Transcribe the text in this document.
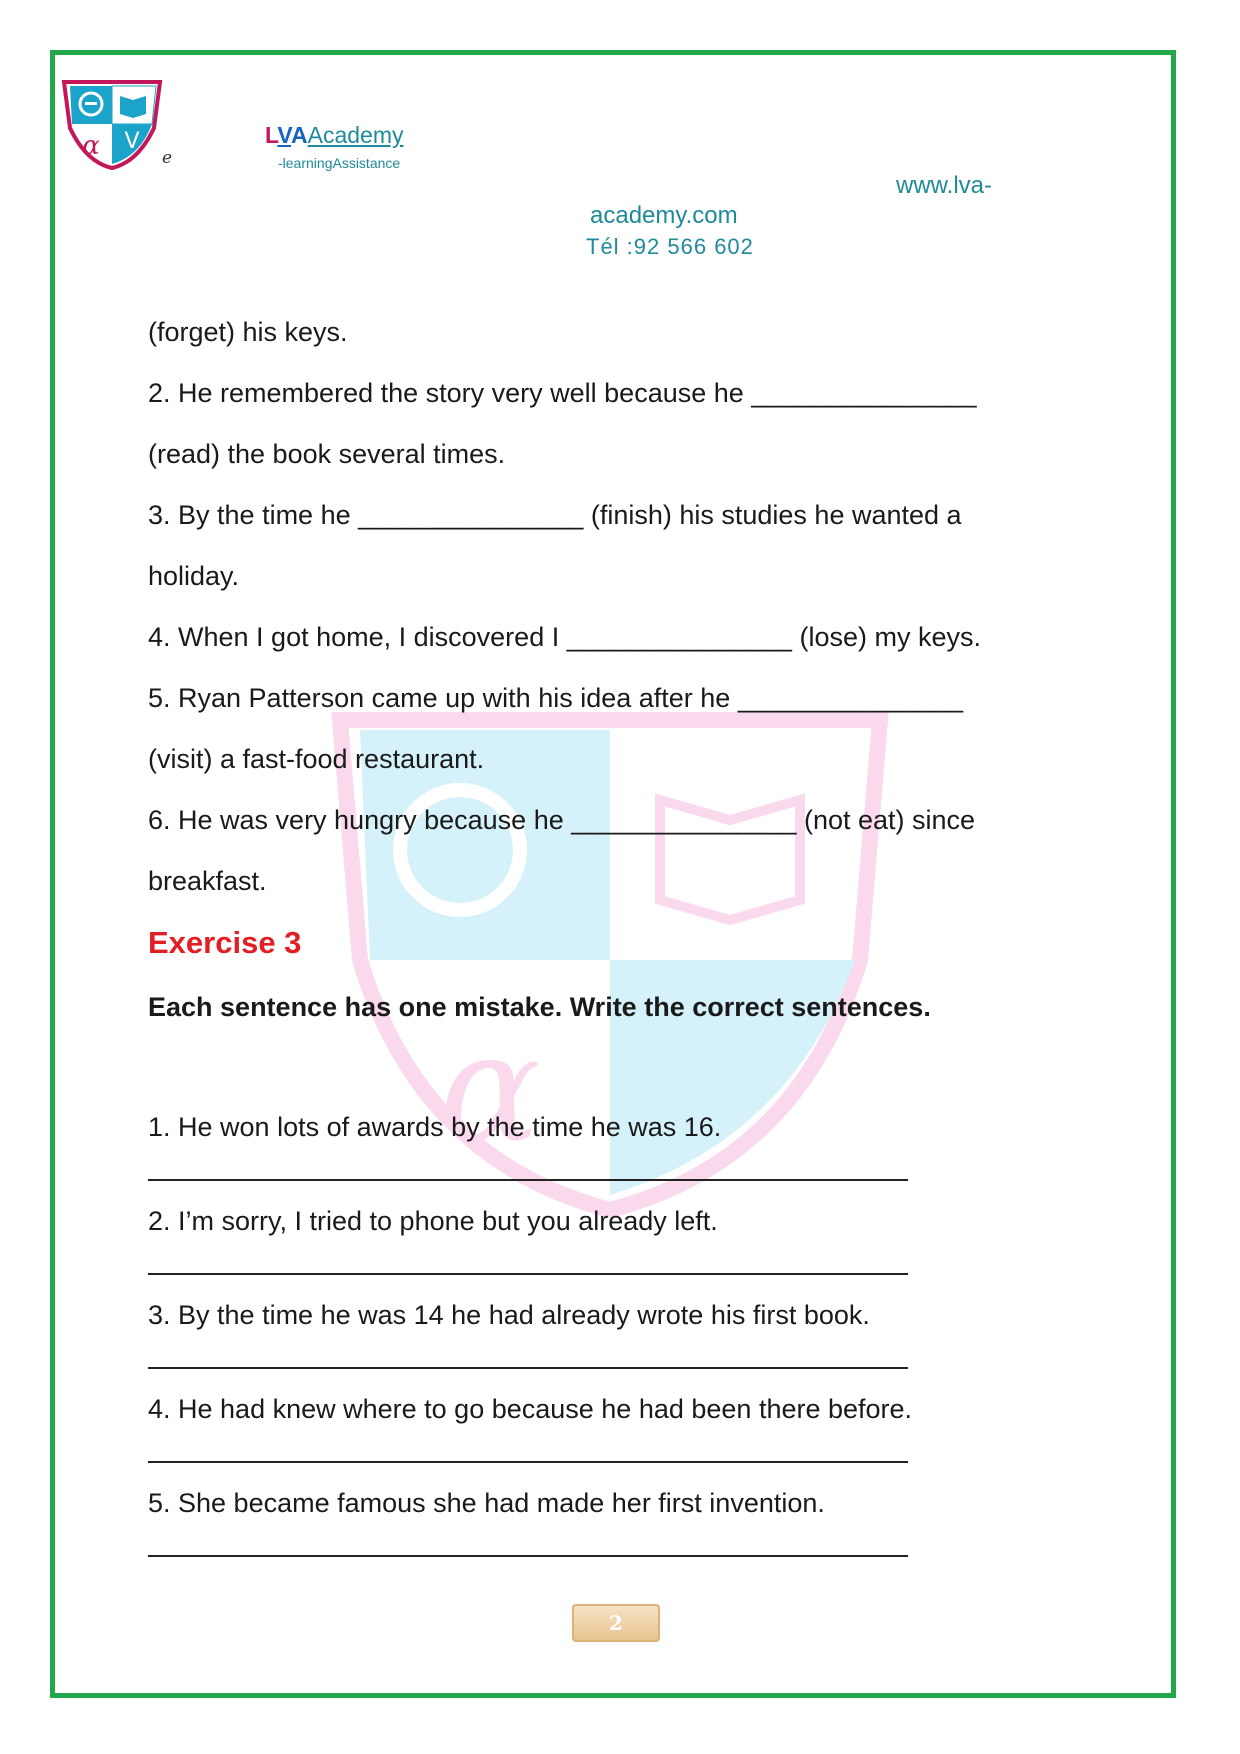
α V
e
LVAAcademy
-learningAssistance
www.lva-
academy.com
Tél :92 566 602
α
(forget) his keys.
2. He remembered the story very well because he _______________
(read) the book several times.
3. By the time he _______________ (finish) his studies he wanted a
holiday.
4. When I got home, I discovered I _______________ (lose) my keys.
5. Ryan Patterson came up with his idea after he _______________
(visit) a fast-food restaurant.
6. He was very hungry because he _______________ (not eat) since
breakfast.
Exercise 3
Each sentence has one mistake. Write the correct sentences.
1. He won lots of awards by the time he was 16.
2. I’m sorry, I tried to phone but you already left.
3. By the time he was 14 he had already wrote his first book.
4. He had knew where to go because he had been there before.
5. She became famous she had made her first invention.
2
